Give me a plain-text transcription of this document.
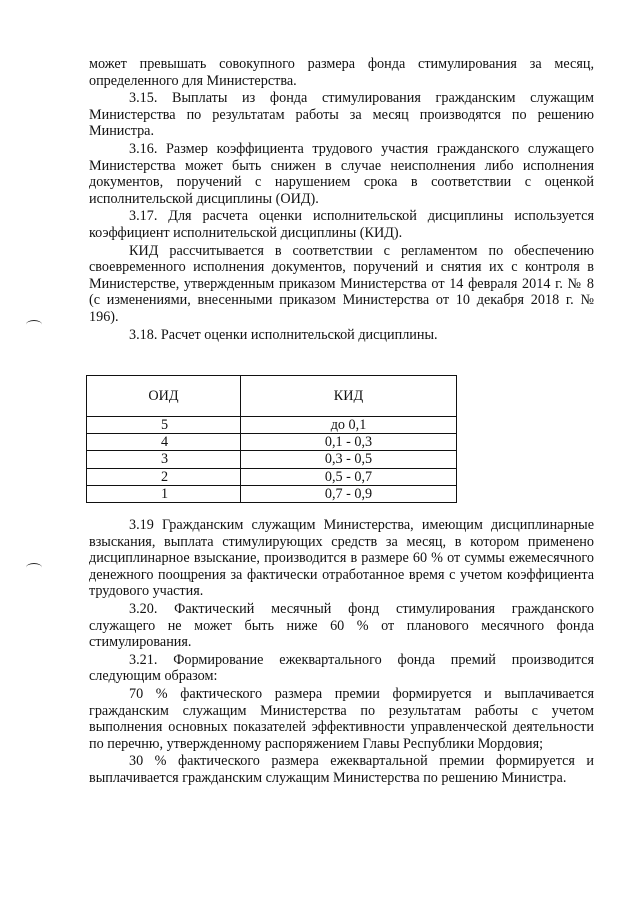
может превышать совокупного размера фонда стимулирования за месяц, определенного для Министерства.

3.15. Выплаты из фонда стимулирования гражданским служащим Министерства по результатам работы за месяц производятся по решению Министра.

3.16. Размер коэффициента трудового участия гражданского служащего Министерства может быть снижен в случае неисполнения либо исполнения документов, поручений с нарушением срока в соответствии с оценкой исполнительской дисциплины (ОИД).

3.17. Для расчета оценки исполнительской дисциплины используется коэффициент исполнительской дисциплины (КИД).

КИД рассчитывается в соответствии с регламентом по обеспечению своевременного исполнения документов, поручений и снятия их с контроля в Министерстве, утвержденным приказом Министерства от 14 февраля 2014 г. № 8 (с изменениями, внесенными приказом Министерства от 10 декабря 2018 г. № 196).

3.18. Расчет оценки исполнительской дисциплины.

ОИД	КИД
5	до 0,1
4	0,1 - 0,3
3	0,3 - 0,5
2	0,5 - 0,7
1	0,7 - 0,9

3.19 Гражданским служащим Министерства, имеющим дисциплинарные взыскания, выплата стимулирующих средств за месяц, в котором применено дисциплинарное взыскание, производится в размере 60 % от суммы ежемесячного денежного поощрения за фактически отработанное время с учетом коэффициента трудового участия.

3.20. Фактический месячный фонд стимулирования гражданского служащего не может быть ниже 60 % от планового месячного фонда стимулирования.

3.21. Формирование ежеквартального фонда премий производится следующим образом:

70 % фактического размера премии формируется и выплачивается гражданским служащим Министерства по результатам работы с учетом выполнения основных показателей эффективности управленческой деятельности по перечню, утвержденному распоряжением Главы Республики Мордовия;

30 % фактического размера ежеквартальной премии формируется и выплачивается гражданским служащим Министерства по решению Министра.
